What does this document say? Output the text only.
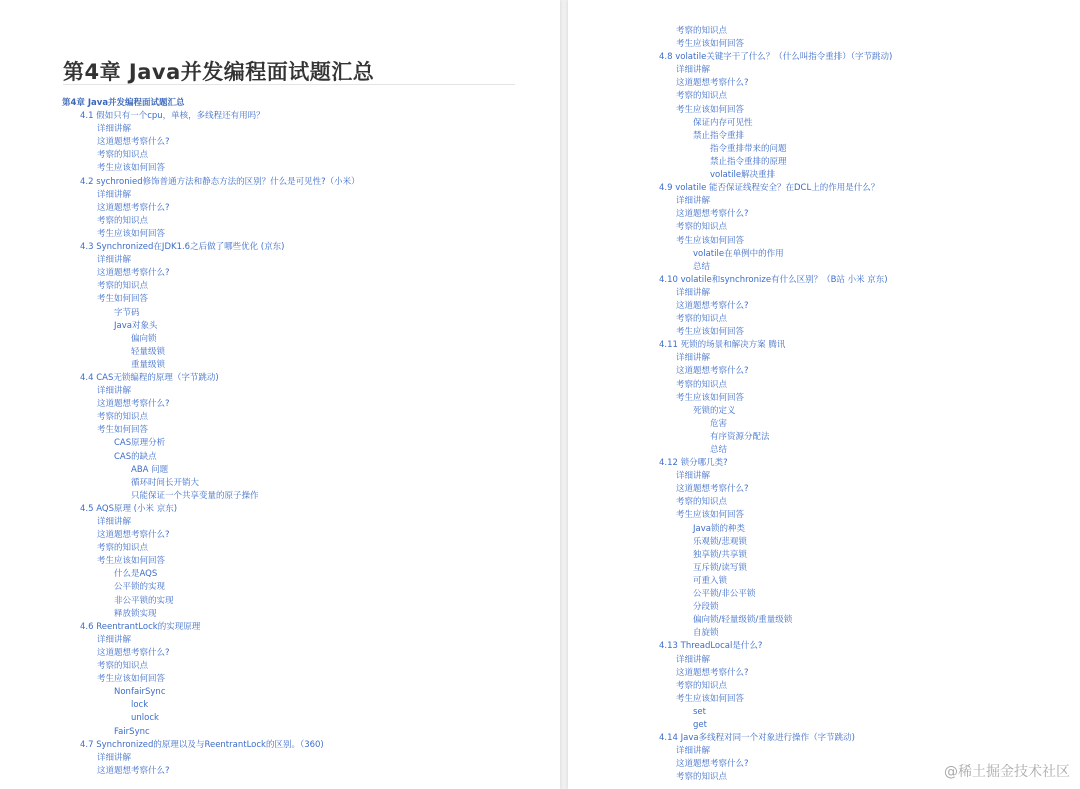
第4章 Java并发编程面试题汇总
第4章 Java并发编程面试题汇总
4.1 假如只有一个cpu，单核，多线程还有用吗？
详细讲解
这道题想考察什么?
考察的知识点
考生应该如何回答
4.2 sychronied修饰普通方法和静态方法的区别？什么是可见性?（小米）
详细讲解
这道题想考察什么?
考察的知识点
考生应该如何回答
4.3 Synchronized在JDK1.6之后做了哪些优化 (京东)
详细讲解
这道题想考察什么?
考察的知识点
考生如何回答
字节码
Java对象头
偏向锁
轻量级锁
重量级锁
4.4 CAS无锁编程的原理（字节跳动)
详细讲解
这道题想考察什么?
考察的知识点
考生如何回答
CAS原理分析
CAS的缺点
ABA 问题
循环时间长开销大
只能保证一个共享变量的原子操作
4.5 AQS原理 (小米 京东)
详细讲解
这道题想考察什么?
考察的知识点
考生应该如何回答
什么是AQS
公平锁的实现
非公平锁的实现
释放锁实现
4.6 ReentrantLock的实现原理
详细讲解
这道题想考察什么?
考察的知识点
考生应该如何回答
NonfairSync
lock
unlock
FairSync
4.7 Synchronized的原理以及与ReentrantLock的区别。（360)
详细讲解
这道题想考察什么?
考察的知识点
考生应该如何回答
4.8 volatile关键字干了什么？（什么叫指令重排）（字节跳动)
详细讲解
这道题想考察什么?
考察的知识点
考生应该如何回答
保证内存可见性
禁止指令重排
指令重排带来的问题
禁止指令重排的原理
volatile解决重排
4.9 volatile 能否保证线程安全？在DCL上的作用是什么？
详细讲解
这道题想考察什么?
考察的知识点
考生应该如何回答
volatile在单例中的作用
总结
4.10 volatile和synchronize有什么区别？（B站 小米 京东)
详细讲解
这道题想考察什么?
考察的知识点
考生应该如何回答
4.11 死锁的场景和解决方案 腾讯
详细讲解
这道题想考察什么?
考察的知识点
考生应该如何回答
死锁的定义
危害
有序资源分配法
总结
4.12 锁分哪几类?
详细讲解
这道题想考察什么?
考察的知识点
考生应该如何回答
Java锁的种类
乐观锁/悲观锁
独享锁/共享锁
互斥锁/读写锁
可重入锁
公平锁/非公平锁
分段锁
偏向锁/轻量级锁/重量级锁
自旋锁
4.13 ThreadLocal是什么?
详细讲解
这道题想考察什么?
考察的知识点
考生应该如何回答
set
get
4.14 Java多线程对同一个对象进行操作（字节跳动)
详细讲解
这道题想考察什么?
考察的知识点	@稀土掘金技术社区
